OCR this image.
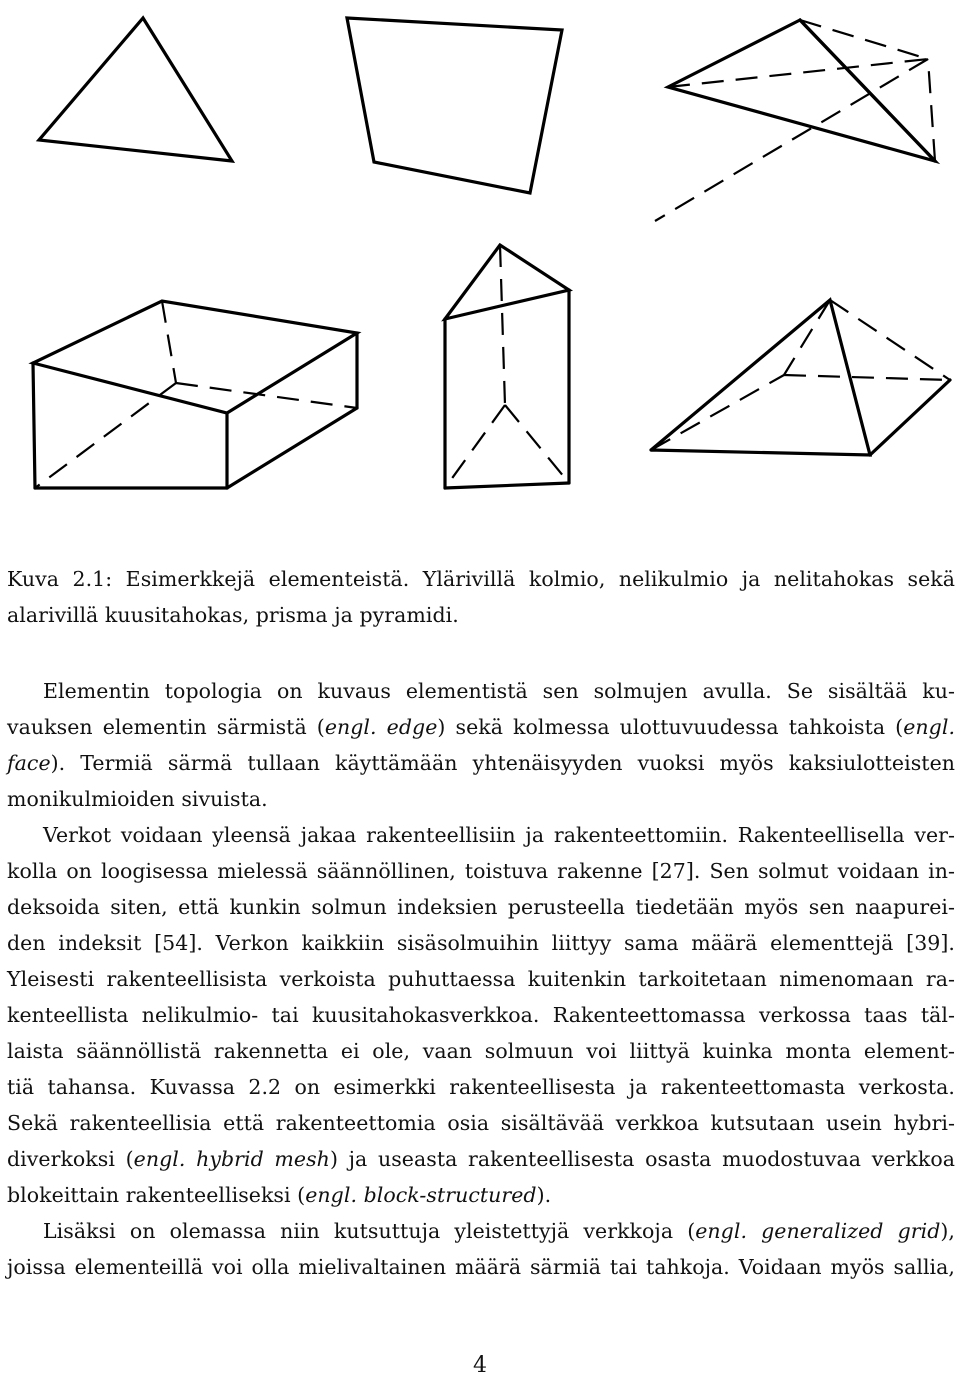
Kuva 2.1: Esimerkkejä elementeistä. Ylärivillä kolmio, nelikulmio ja nelitahokas sekä
alarivillä kuusitahokas, prisma ja pyramidi.

Elementin topologia on kuvaus elementistä sen solmujen avulla. Se sisältää ku-
vauksen elementin särmistä (engl. edge) sekä kolmessa ulottuvuudessa tahkoista (engl.
face). Termiä särmä tullaan käyttämään yhtenäisyyden vuoksi myös kaksiulotteisten
monikulmioiden sivuista.

Verkot voidaan yleensä jakaa rakenteellisiin ja rakenteettomiin. Rakenteellisella ver-
kolla on loogisessa mielessä säännöllinen, toistuva rakenne [27]. Sen solmut voidaan in-
deksoida siten, että kunkin solmun indeksien perusteella tiedetään myös sen naapurei-
den indeksit [54]. Verkon kaikkiin sisäsolmuihin liittyy sama määrä elementtejä [39].
Yleisesti rakenteellisista verkoista puhuttaessa kuitenkin tarkoitetaan nimenomaan ra-
kenteellista nelikulmio- tai kuusitahokasverkkoa. Rakenteettomassa verkossa taas täl-
laista säännöllistä rakennetta ei ole, vaan solmuun voi liittyä kuinka monta element-
tiä tahansa. Kuvassa 2.2 on esimerkki rakenteellisesta ja rakenteettomasta verkosta.
Sekä rakenteellisia että rakenteettomia osia sisältävää verkkoa kutsutaan usein hybri-
diverkoksi (engl. hybrid mesh) ja useasta rakenteellisesta osasta muodostuvaa verkkoa
blokeittain rakenteelliseksi (engl. block-structured).

Lisäksi on olemassa niin kutsuttuja yleistettyjä verkkoja (engl. generalized grid),
joissa elementeillä voi olla mielivaltainen määrä särmiä tai tahkoja. Voidaan myös sallia,

4
